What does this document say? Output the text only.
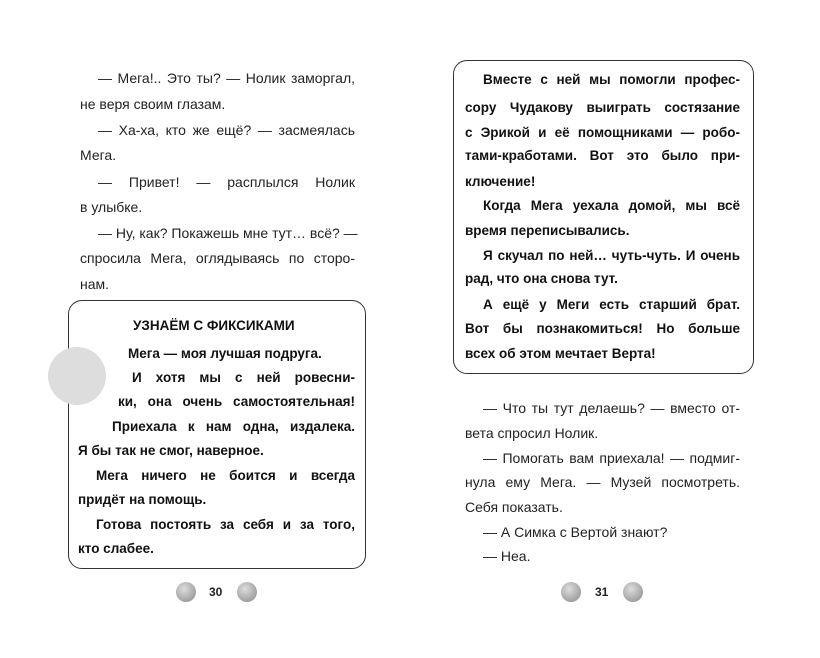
— Мега!.. Это ты? — Нолик заморгал,
не веря своим глазам.
— Ха-ха, кто же ещё? — засмеялась
Мега.
— Привет! — расплылся Нолик
в улыбке.
— Ну, как? Покажешь мне тут… всё? —
спросила Мега, оглядываясь по сторо-
нам.
УЗНАЁМ С ФИКСИКАМИ
Мега — моя лучшая подруга.
И хотя мы с ней ровесни-
ки, она очень самостоятельная!
Приехала к нам одна, издалека.
Я бы так не смог, наверное.
Мега ничего не боится и всегда
придёт на помощь.
Готова постоять за себя и за того,
кто слабее.
Вместе с ней мы помогли профес-
сору Чудакову выиграть состязание
с Эрикой и её помощниками — робо-
тами-кработами. Вот это было при-
ключение!
Когда Мега уехала домой, мы всё
время переписывались.
Я скучал по ней… чуть-чуть. И очень
рад, что она снова тут.
А ещё у Меги есть старший брат.
Вот бы познакомиться! Но больше
всех об этом мечтает Верта!
— Что ты тут делаешь? — вместо от-
вета спросил Нолик.
— Помогать вам приехала! — подмиг-
нула ему Мега. — Музей посмотреть.
Себя показать.
— А Симка с Вертой знают?
— Неа.
30	31
